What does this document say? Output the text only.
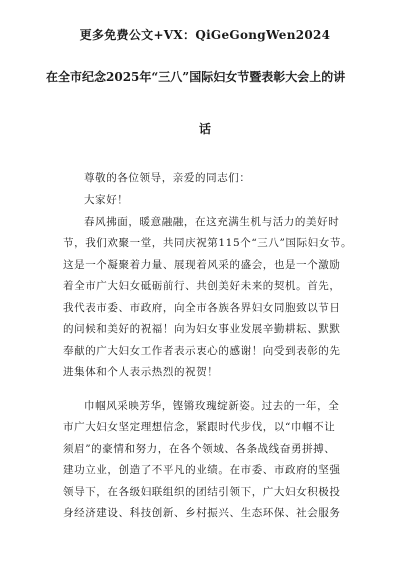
更多免费公文+VX：QiGeGongWen2024
在全市纪念2025年“三八”国际妇女节暨表彰大会上的讲
话
尊敬的各位领导，亲爱的同志们：
大家好！
春风拂面，暖意融融，在这充满生机与活力的美好时
节，我们欢聚一堂，共同庆祝第115个“三八”国际妇女节。
这是一个凝聚着力量、展现着风采的盛会，也是一个激励
着全市广大妇女砥砺前行、共创美好未来的契机。首先，
我代表市委、市政府，向全市各族各界妇女同胞致以节日
的问候和美好的祝福！向为妇女事业发展辛勤耕耘、默默
奉献的广大妇女工作者表示衷心的感谢！向受到表彰的先
进集体和个人表示热烈的祝贺！
巾帼风采映芳华，铿锵玫瑰绽新姿。过去的一年，全
市广大妇女坚定理想信念，紧跟时代步伐，以“巾帼不让
须眉”的豪情和努力，在各个领域、各条战线奋勇拼搏、
建功立业，创造了不平凡的业绩。在市委、市政府的坚强
领导下，在各级妇联组织的团结引领下，广大妇女积极投
身经济建设、科技创新、乡村振兴、生态环保、社会服务
